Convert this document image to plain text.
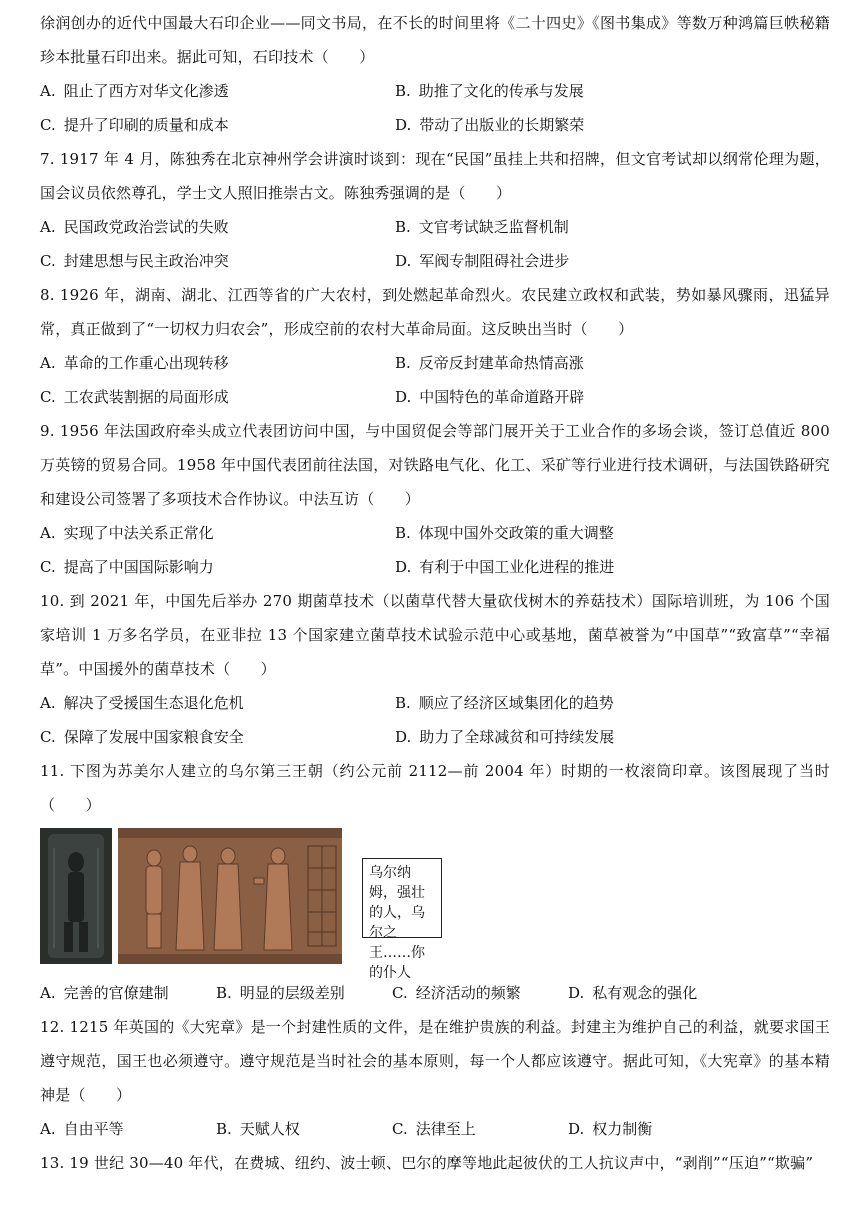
徐润创办的近代中国最大石印企业——同文书局，在不长的时间里将《二十四史》《图书集成》等数万种鸿篇巨帙秘籍珍本批量石印出来。据此可知，石印技术（　　）

A. 阻止了西方对华文化渗透	B. 助推了文化的传承与发展
C. 提升了印刷的质量和成本	D. 带动了出版业的长期繁荣

7. 1917 年 4 月，陈独秀在北京神州学会讲演时谈到：现在“民国”虽挂上共和招牌，但文官考试却以纲常伦理为题，国会议员依然尊孔，学士文人照旧推崇古文。陈独秀强调的是（　　）

A. 民国政党政治尝试的失败	B. 文官考试缺乏监督机制
C. 封建思想与民主政治冲突	D. 军阀专制阻碍社会进步

8. 1926 年，湖南、湖北、江西等省的广大农村，到处燃起革命烈火。农民建立政权和武装，势如暴风骤雨，迅猛异常，真正做到了“一切权力归农会”，形成空前的农村大革命局面。这反映出当时（　　）

A. 革命的工作重心出现转移	B. 反帝反封建革命热情高涨
C. 工农武装割据的局面形成	D. 中国特色的革命道路开辟

9. 1956 年法国政府牵头成立代表团访问中国，与中国贸促会等部门展开关于工业合作的多场会谈，签订总值近 800 万英镑的贸易合同。1958 年中国代表团前往法国，对铁路电气化、化工、采矿等行业进行技术调研，与法国铁路研究和建设公司签署了多项技术合作协议。中法互访（　　）

A. 实现了中法关系正常化	B. 体现中国外交政策的重大调整
C. 提高了中国国际影响力	D. 有利于中国工业化进程的推进

10. 到 2021 年，中国先后举办 270 期菌草技术（以菌草代替大量砍伐树木的养菇技术）国际培训班，为 106 个国家培训 1 万多名学员，在亚非拉 13 个国家建立菌草技术试验示范中心或基地，菌草被誉为“中国草”“致富草”“幸福草”。中国援外的菌草技术（　　）

A. 解决了受援国生态退化危机	B. 顺应了经济区域集团化的趋势
C. 保障了发展中国家粮食安全	D. 助力了全球减贫和可持续发展

11. 下图为苏美尔人建立的乌尔第三王朝（约公元前 2112—前 2004 年）时期的一枚滚筒印章。该图展现了当时（　　）

乌尔纳姆，强壮的人，乌尔之王……你的仆人
A. 完善的官僚建制	B. 明显的层级差别	C. 经济活动的频繁	D. 私有观念的强化

12. 1215 年英国的《大宪章》是一个封建性质的文件，是在维护贵族的利益。封建主为维护自己的利益，就要求国王遵守规范，国王也必须遵守。遵守规范是当时社会的基本原则，每一个人都应该遵守。据此可知，《大宪章》的基本精神是（　　）

A. 自由平等	B. 天赋人权	C. 法律至上	D. 权力制衡

13. 19 世纪 30—40 年代，在费城、纽约、波士顿、巴尔的摩等地此起彼伏的工人抗议声中，“剥削”“压迫”“欺骗”
